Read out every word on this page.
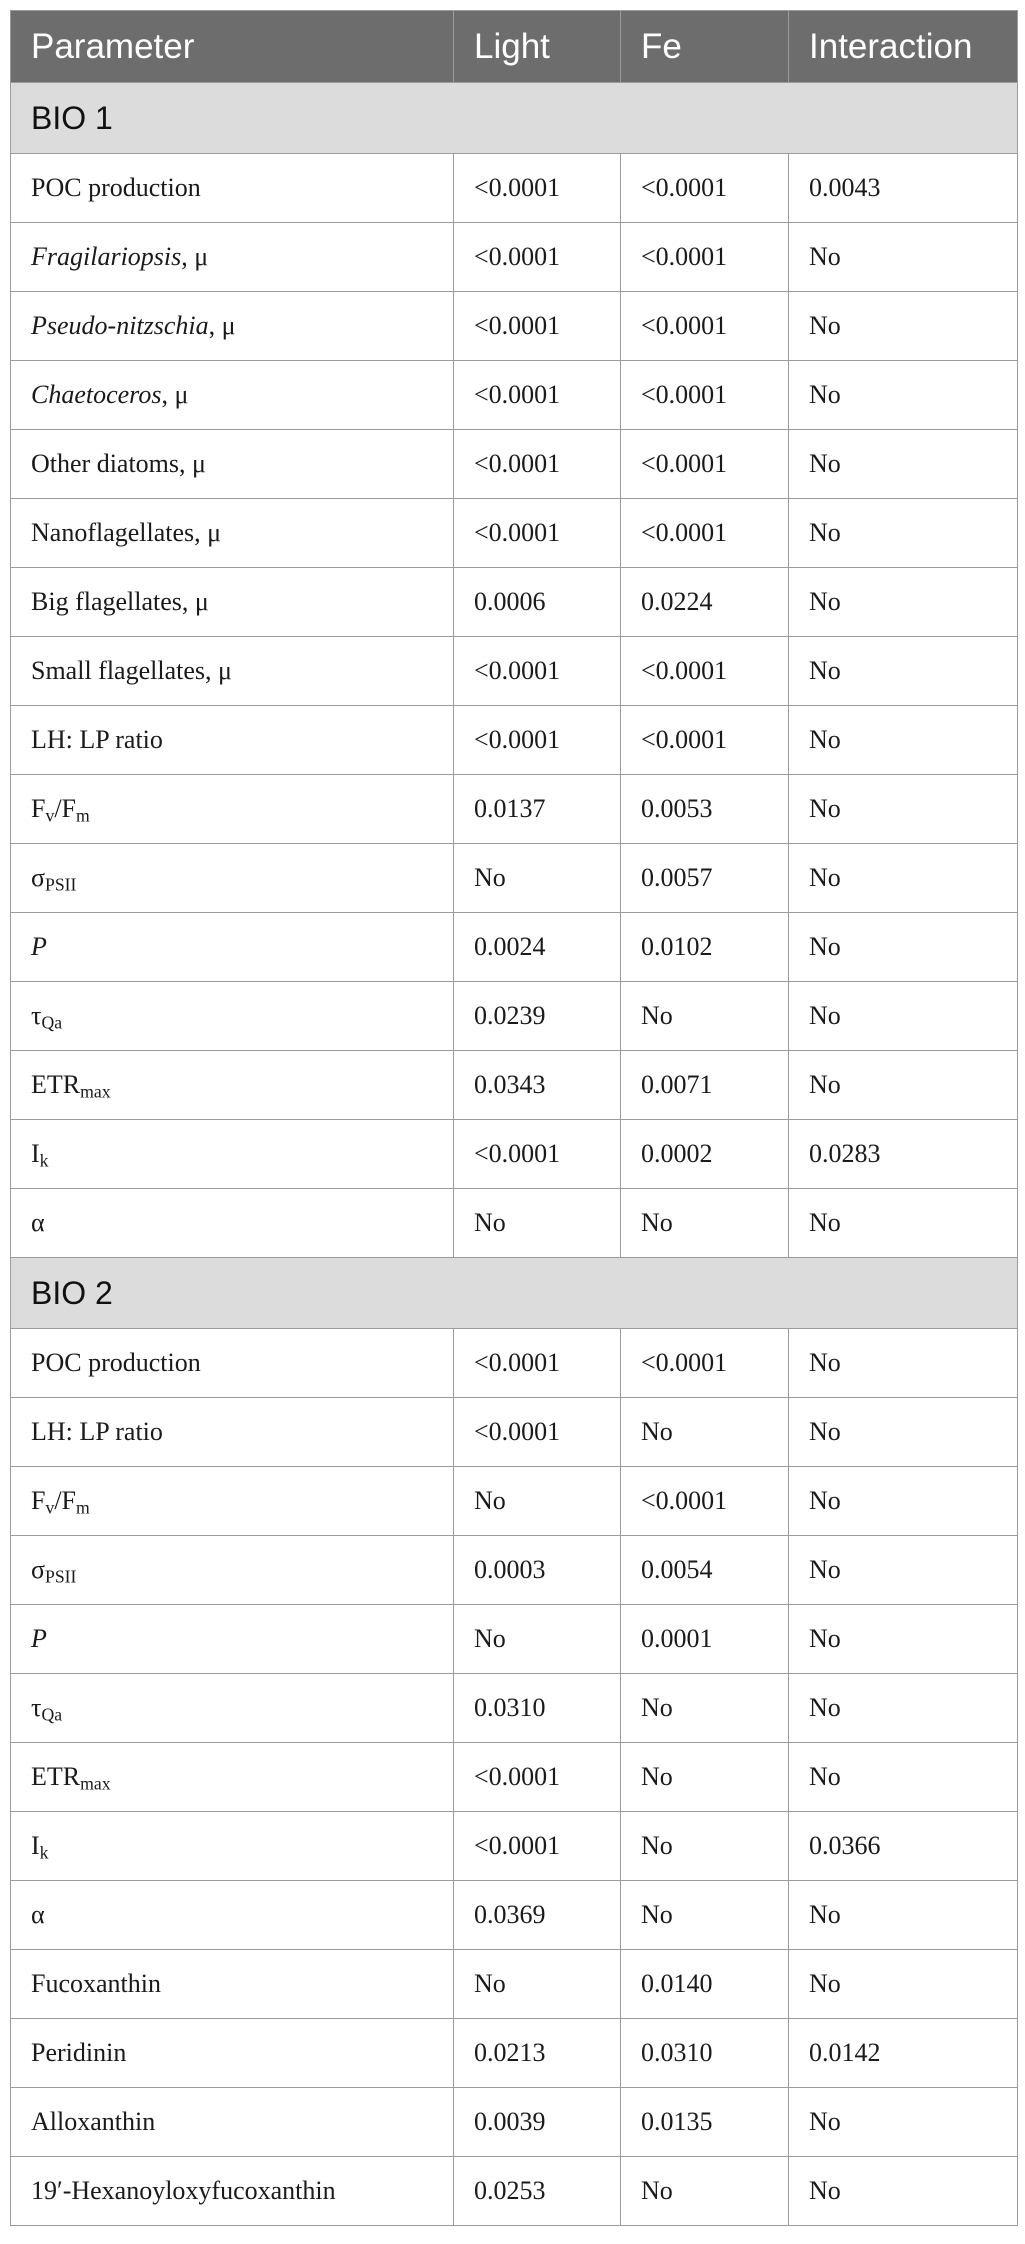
Parameter	Light	Fe	Interaction
BIO 1			
POC production	<0.0001	<0.0001	0.0043
Fragilariopsis, μ	<0.0001	<0.0001	No
Pseudo-nitzschia, μ	<0.0001	<0.0001	No
Chaetoceros, μ	<0.0001	<0.0001	No
Other diatoms, μ	<0.0001	<0.0001	No
Nanoflagellates, μ	<0.0001	<0.0001	No
Big flagellates, μ	0.0006	0.0224	No
Small flagellates, μ	<0.0001	<0.0001	No
LH: LP ratio	<0.0001	<0.0001	No
$F_v/F_m$	0.0137	0.0053	No
$\sigma_{PSII}$	No	0.0057	No
P	0.0024	0.0102	No
$\tau_{Qa}$	0.0239	No	No
$ETR_{max}$	0.0343	0.0071	No
$I_k$	<0.0001	0.0002	0.0283
α	No	No	No
BIO 2			
POC production	<0.0001	<0.0001	No
LH: LP ratio	<0.0001	No	No
$F_v/F_m$	No	<0.0001	No
$\sigma_{PSII}$	0.0003	0.0054	No
P	No	0.0001	No
$\tau_{Qa}$	0.0310	No	No
$ETR_{max}$	<0.0001	No	No
$I_k$	<0.0001	No	0.0366
α	0.0369	No	No
Fucoxanthin	No	0.0140	No
Peridinin	0.0213	0.0310	0.0142
Alloxanthin	0.0039	0.0135	No
19′-Hexanoyloxyfucoxanthin	0.0253	No	No
